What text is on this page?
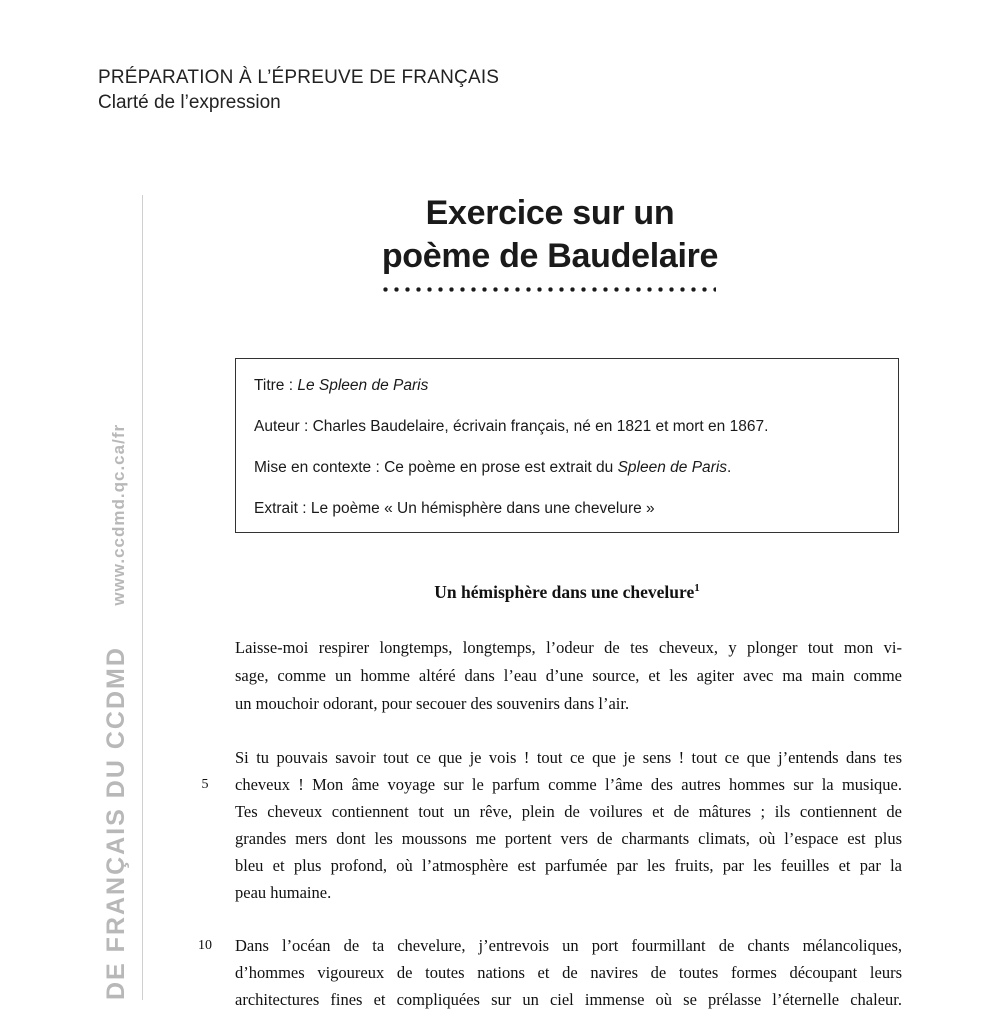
PRÉPARATION À L’ÉPREUVE DE FRANÇAIS
Clarté de l’expression
DE FRANÇAIS DU CCDMD www.ccdmd.qc.ca/fr
Exercice sur un
poème de Baudelaire
Titre : Le Spleen de Paris
Auteur : Charles Baudelaire, écrivain français, né en 1821 et mort en 1867.
Mise en contexte : Ce poème en prose est extrait du Spleen de Paris.
Extrait : Le poème « Un hémisphère dans une chevelure »
Un hémisphère dans une chevelure$^1$
Laisse-moi respirer longtemps, longtemps, l’odeur de tes cheveux, y plonger tout mon vi-
sage, comme un homme altéré dans l’eau d’une source, et les agiter avec ma main comme
un mouchoir odorant, pour secouer des souvenirs dans l’air.
Si tu pouvais savoir tout ce que je vois ! tout ce que je sens ! tout ce que j’entends dans tes
5	cheveux ! Mon âme voyage sur le parfum comme l’âme des autres hommes sur la musique.
Tes cheveux contiennent tout un rêve, plein de voilures et de mâtures ; ils contiennent de
grandes mers dont les moussons me portent vers de charmants climats, où l’espace est plus
bleu et plus profond, où l’atmosphère est parfumée par les fruits, par les feuilles et par la
peau humaine.
10	Dans l’océan de ta chevelure, j’entrevois un port fourmillant de chants mélancoliques,
d’hommes vigoureux de toutes nations et de navires de toutes formes découpant leurs
architectures fines et compliquées sur un ciel immense où se prélasse l’éternelle chaleur.
